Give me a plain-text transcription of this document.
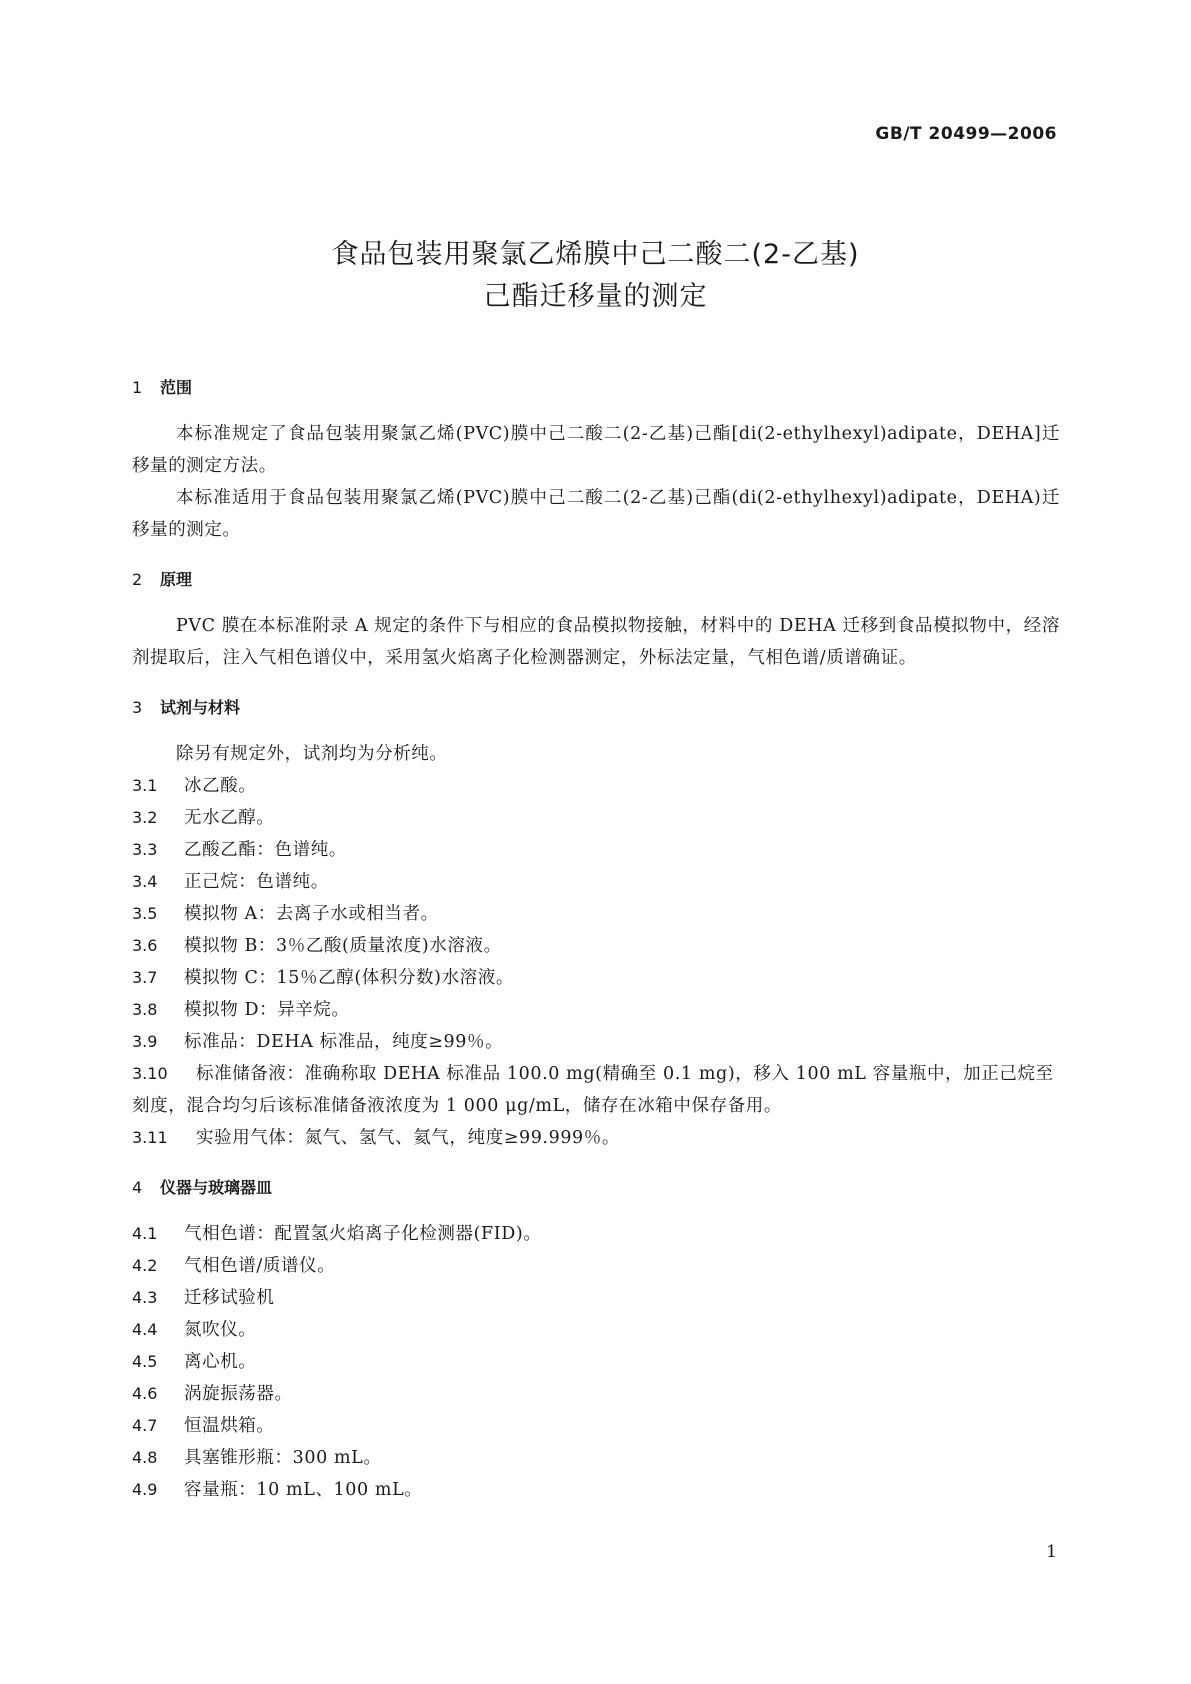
GB/T 20499—2006
食品包装用聚氯乙烯膜中己二酸二(2-乙基)
己酯迁移量的测定
1 范围
本标准规定了食品包装用聚氯乙烯(PVC)膜中己二酸二(2-乙基)己酯[di(2-ethylhexyl)adipate，DEHA]迁移量的测定方法。
本标准适用于食品包装用聚氯乙烯(PVC)膜中己二酸二(2-乙基)己酯(di(2-ethylhexyl)adipate，DEHA)迁移量的测定。
2 原理
PVC 膜在本标准附录 A 规定的条件下与相应的食品模拟物接触，材料中的 DEHA 迁移到食品模拟物中，经溶剂提取后，注入气相色谱仪中，采用氢火焰离子化检测器测定，外标法定量，气相色谱/质谱确证。
3 试剂与材料
除另有规定外，试剂均为分析纯。
3.1 冰乙酸。
3.2 无水乙醇。
3.3 乙酸乙酯：色谱纯。
3.4 正己烷：色谱纯。
3.5 模拟物 A：去离子水或相当者。
3.6 模拟物 B：3％乙酸(质量浓度)水溶液。
3.7 模拟物 C：15％乙醇(体积分数)水溶液。
3.8 模拟物 D：异辛烷。
3.9 标准品：DEHA 标准品，纯度≥99％。
3.10 标准储备液：准确称取 DEHA 标准品 100.0 mg(精确至 0.1 mg)，移入 100 mL 容量瓶中，加正己烷至刻度，混合均匀后该标准储备液浓度为 1 000 μg/mL，储存在冰箱中保存备用。
3.11 实验用气体：氮气、氢气、氦气，纯度≥99.999％。
4 仪器与玻璃器皿
4.1 气相色谱：配置氢火焰离子化检测器(FID)。
4.2 气相色谱/质谱仪。
4.3 迁移试验机
4.4 氮吹仪。
4.5 离心机。
4.6 涡旋振荡器。
4.7 恒温烘箱。
4.8 具塞锥形瓶：300 mL。
4.9 容量瓶：10 mL、100 mL。
1
